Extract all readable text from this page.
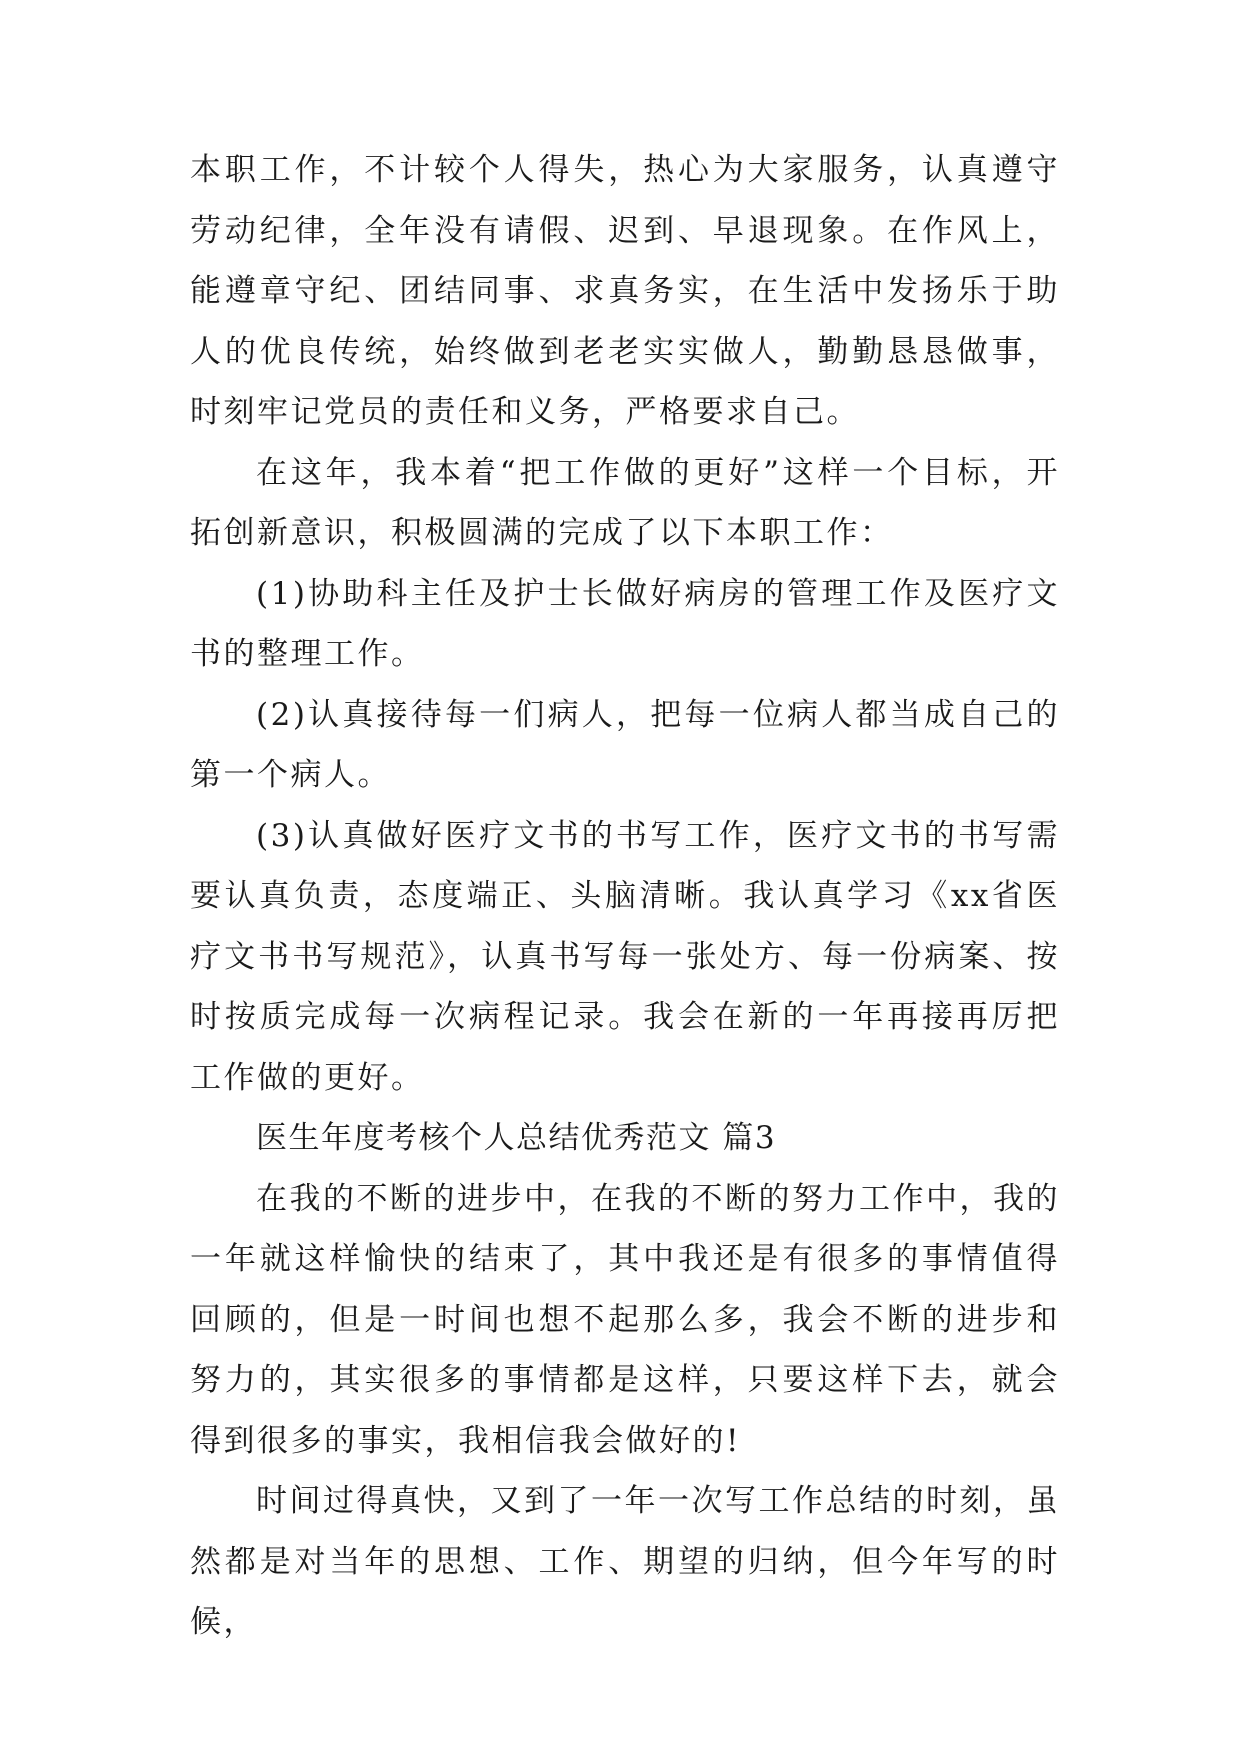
本职工作，不计较个人得失，热心为大家服务，认真遵守劳动纪律，全年没有请假、迟到、早退现象。在作风上，能遵章守纪、团结同事、求真务实，在生活中发扬乐于助人的优良传统，始终做到老老实实做人，勤勤恳恳做事，时刻牢记党员的责任和义务，严格要求自己。

在这年，我本着“把工作做的更好”这样一个目标，开拓创新意识，积极圆满的完成了以下本职工作：

(1)协助科主任及护士长做好病房的管理工作及医疗文书的整理工作。

(2)认真接待每一们病人，把每一位病人都当成自己的第一个病人。

(3)认真做好医疗文书的书写工作，医疗文书的书写需要认真负责，态度端正、头脑清晰。我认真学习《xx省医疗文书书写规范》，认真书写每一张处方、每一份病案、按时按质完成每一次病程记录。我会在新的一年再接再厉把工作做的更好。

医生年度考核个人总结优秀范文 篇3

在我的不断的进步中，在我的不断的努力工作中，我的一年就这样愉快的结束了，其中我还是有很多的事情值得回顾的，但是一时间也想不起那么多，我会不断的进步和努力的，其实很多的事情都是这样，只要这样下去，就会得到很多的事实，我相信我会做好的!

时间过得真快，又到了一年一次写工作总结的时刻，虽然都是对当年的思想、工作、期望的归纳，但今年写的时候，
